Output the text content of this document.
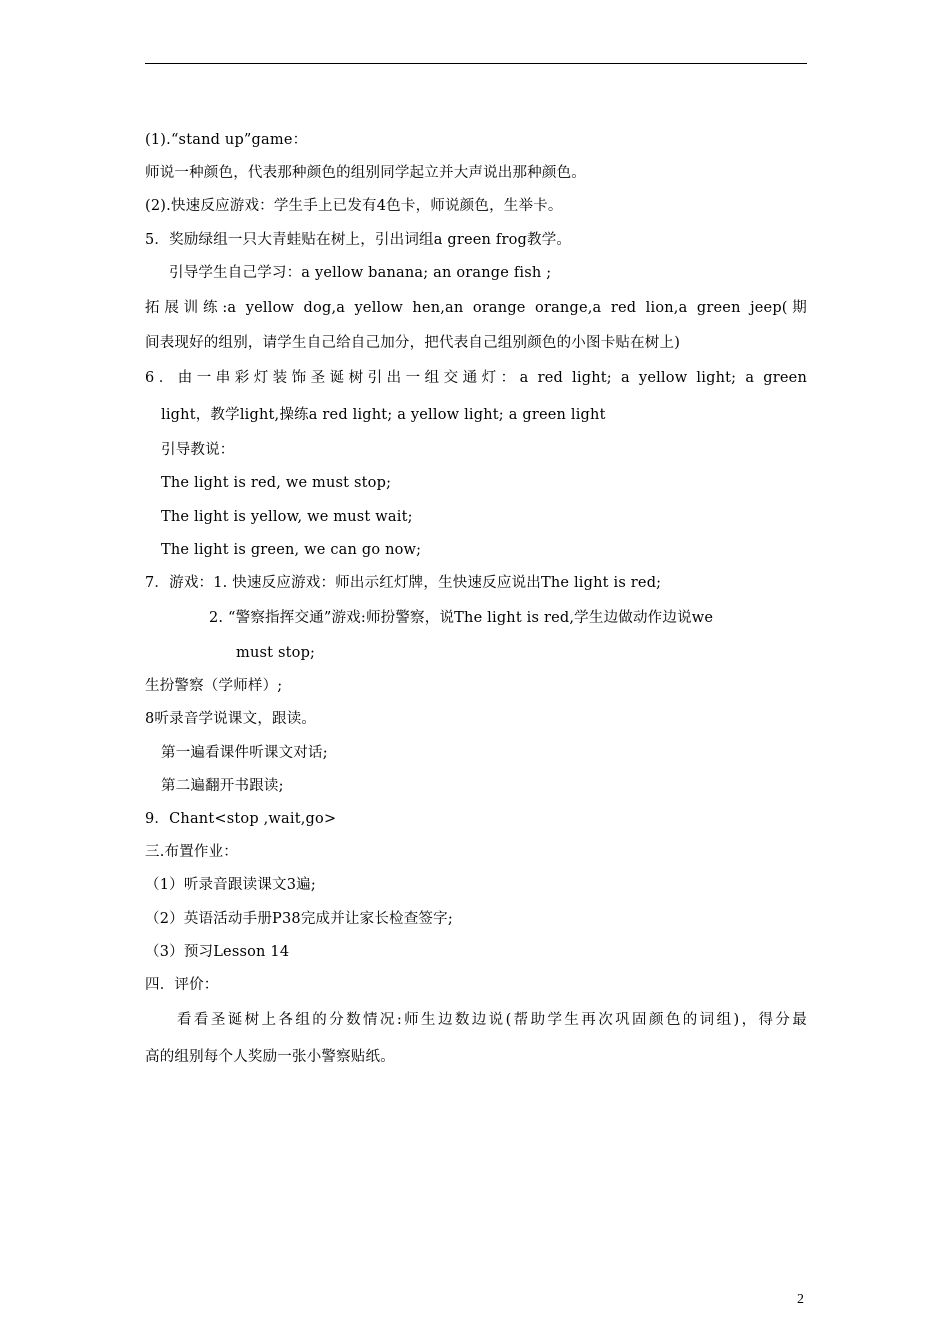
(1).“stand up”game：
师说一种颜色，代表那种颜色的组别同学起立并大声说出那种颜色。
(2).快速反应游戏：学生手上已发有4色卡，师说颜色，生举卡。
5．奖励绿组一只大青蛙贴在树上，引出词组a green frog教学。
引导学生自己学习：a yellow banana; an orange fish ;
拓展训练:a yellow dog,a yellow hen,an orange orange,a red lion,a green jeep(期
间表现好的组别，请学生自己给自己加分，把代表自己组别颜色的小图卡贴在树上)
6．由一串彩灯装饰圣诞树引出一组交通灯：a red light; a yellow light; a green
light，教学light,操练a red light; a yellow light; a green light
引导教说：
The light is red, we must stop;
The light is yellow, we must wait;
The light is green, we can go now;
7．游戏：1. 快速反应游戏：师出示红灯牌，生快速反应说出The light is red;
2. “警察指挥交通”游戏:师扮警察，说The light is red,学生边做动作边说we
must stop;
生扮警察（学师样）;
8听录音学说课文，跟读。
第一遍看课件听课文对话;
第二遍翻开书跟读;
9．Chant<stop ,wait,go>
三.布置作业：
（1）听录音跟读课文3遍;
（2）英语活动手册P38完成并让家长检查签字;
（3）预习Lesson 14
四．评价：
看看圣诞树上各组的分数情况:师生边数边说(帮助学生再次巩固颜色的词组)，得分最
高的组别每个人奖励一张小警察贴纸。
2
